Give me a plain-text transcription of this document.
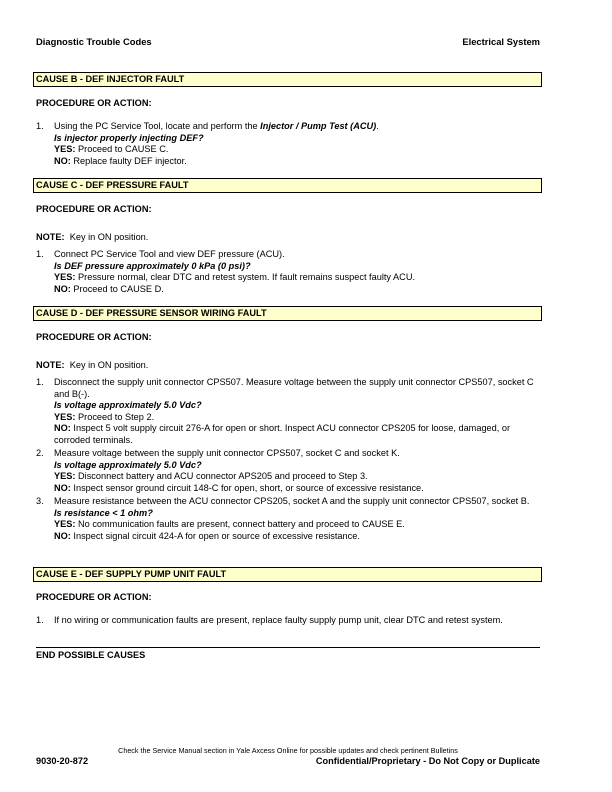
Diagnostic Trouble Codes	Electrical System
CAUSE B - DEF INJECTOR FAULT
PROCEDURE OR ACTION:
1. Using the PC Service Tool, locate and perform the Injector / Pump Test (ACU).
Is injector properly injecting DEF?
YES: Proceed to CAUSE C.
NO: Replace faulty DEF injector.
CAUSE C - DEF PRESSURE FAULT
PROCEDURE OR ACTION:
NOTE: Key in ON position.
1. Connect PC Service Tool and view DEF pressure (ACU).
Is DEF pressure approximately 0 kPa (0 psi)?
YES: Pressure normal, clear DTC and retest system. If fault remains suspect faulty ACU.
NO: Proceed to CAUSE D.
CAUSE D - DEF PRESSURE SENSOR WIRING FAULT
PROCEDURE OR ACTION:
NOTE: Key in ON position.
1. Disconnect the supply unit connector CPS507. Measure voltage between the supply unit connector CPS507, socket C and B(-).
Is voltage approximately 5.0 Vdc?
YES: Proceed to Step 2.
NO: Inspect 5 volt supply circuit 276-A for open or short. Inspect ACU connector CPS205 for loose, damaged, or corroded terminals.
2. Measure voltage between the supply unit connector CPS507, socket C and socket K.
Is voltage approximately 5.0 Vdc?
YES: Disconnect battery and ACU connector APS205 and proceed to Step 3.
NO: Inspect sensor ground circuit 148-C for open, short, or source of excessive resistance.
3. Measure resistance between the ACU connector CPS205, socket A and the supply unit connector CPS507, socket B.
Is resistance < 1 ohm?
YES: No communication faults are present, connect battery and proceed to CAUSE E.
NO: Inspect signal circuit 424-A for open or source of excessive resistance.
CAUSE E - DEF SUPPLY PUMP UNIT FAULT
PROCEDURE OR ACTION:
1. If no wiring or communication faults are present, replace faulty supply pump unit, clear DTC and retest system.
END POSSIBLE CAUSES
Check the Service Manual section in Yale Axcess Online for possible updates and check pertinent Bulletins
9030-20-872	Confidential/Proprietary - Do Not Copy or Duplicate
